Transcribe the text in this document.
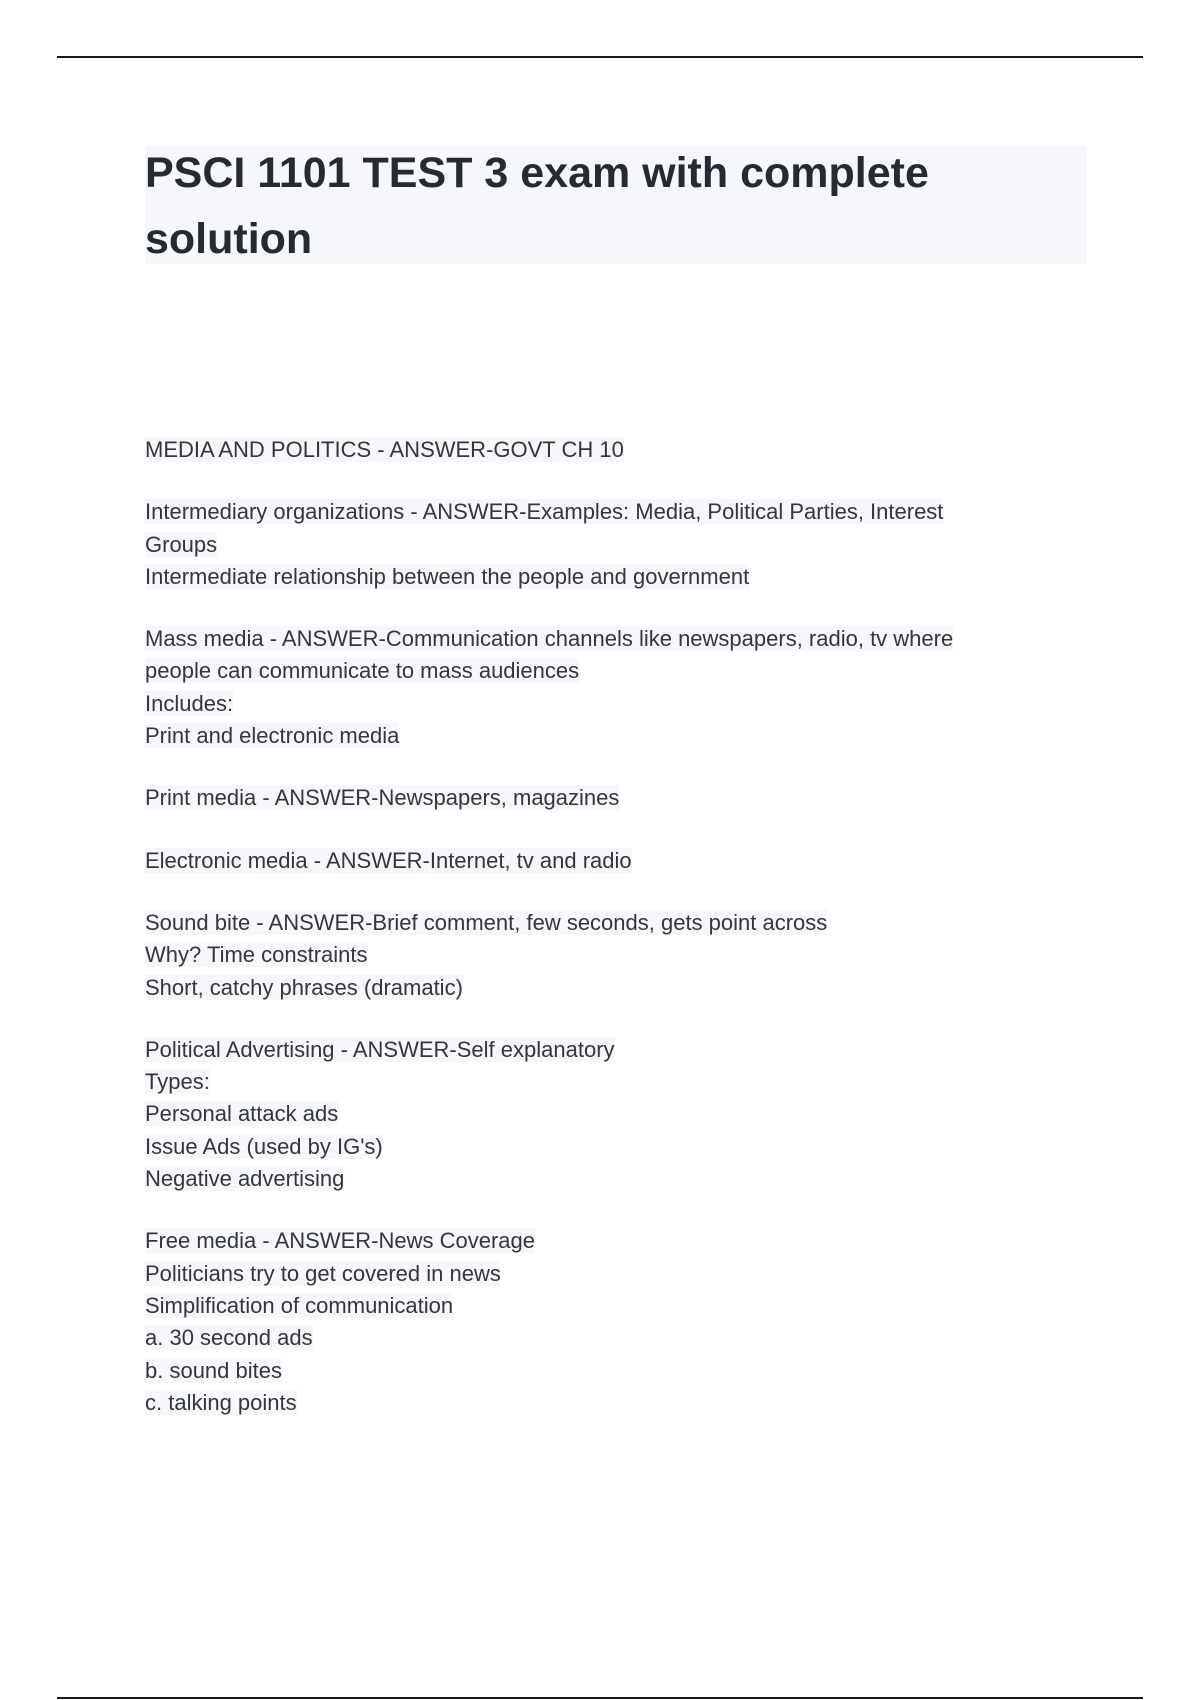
PSCI 1101 TEST 3 exam with complete
solution
MEDIA AND POLITICS - ANSWER-GOVT CH 10
Intermediary organizations - ANSWER-Examples: Media, Political Parties, Interest
Groups
Intermediate relationship between the people and government
Mass media - ANSWER-Communication channels like newspapers, radio, tv where
people can communicate to mass audiences
Includes:
Print and electronic media
Print media - ANSWER-Newspapers, magazines
Electronic media - ANSWER-Internet, tv and radio
Sound bite - ANSWER-Brief comment, few seconds, gets point across
Why? Time constraints
Short, catchy phrases (dramatic)
Political Advertising - ANSWER-Self explanatory
Types:
Personal attack ads
Issue Ads (used by IG's)
Negative advertising
Free media - ANSWER-News Coverage
Politicians try to get covered in news
Simplification of communication
a. 30 second ads
b. sound bites
c. talking points
